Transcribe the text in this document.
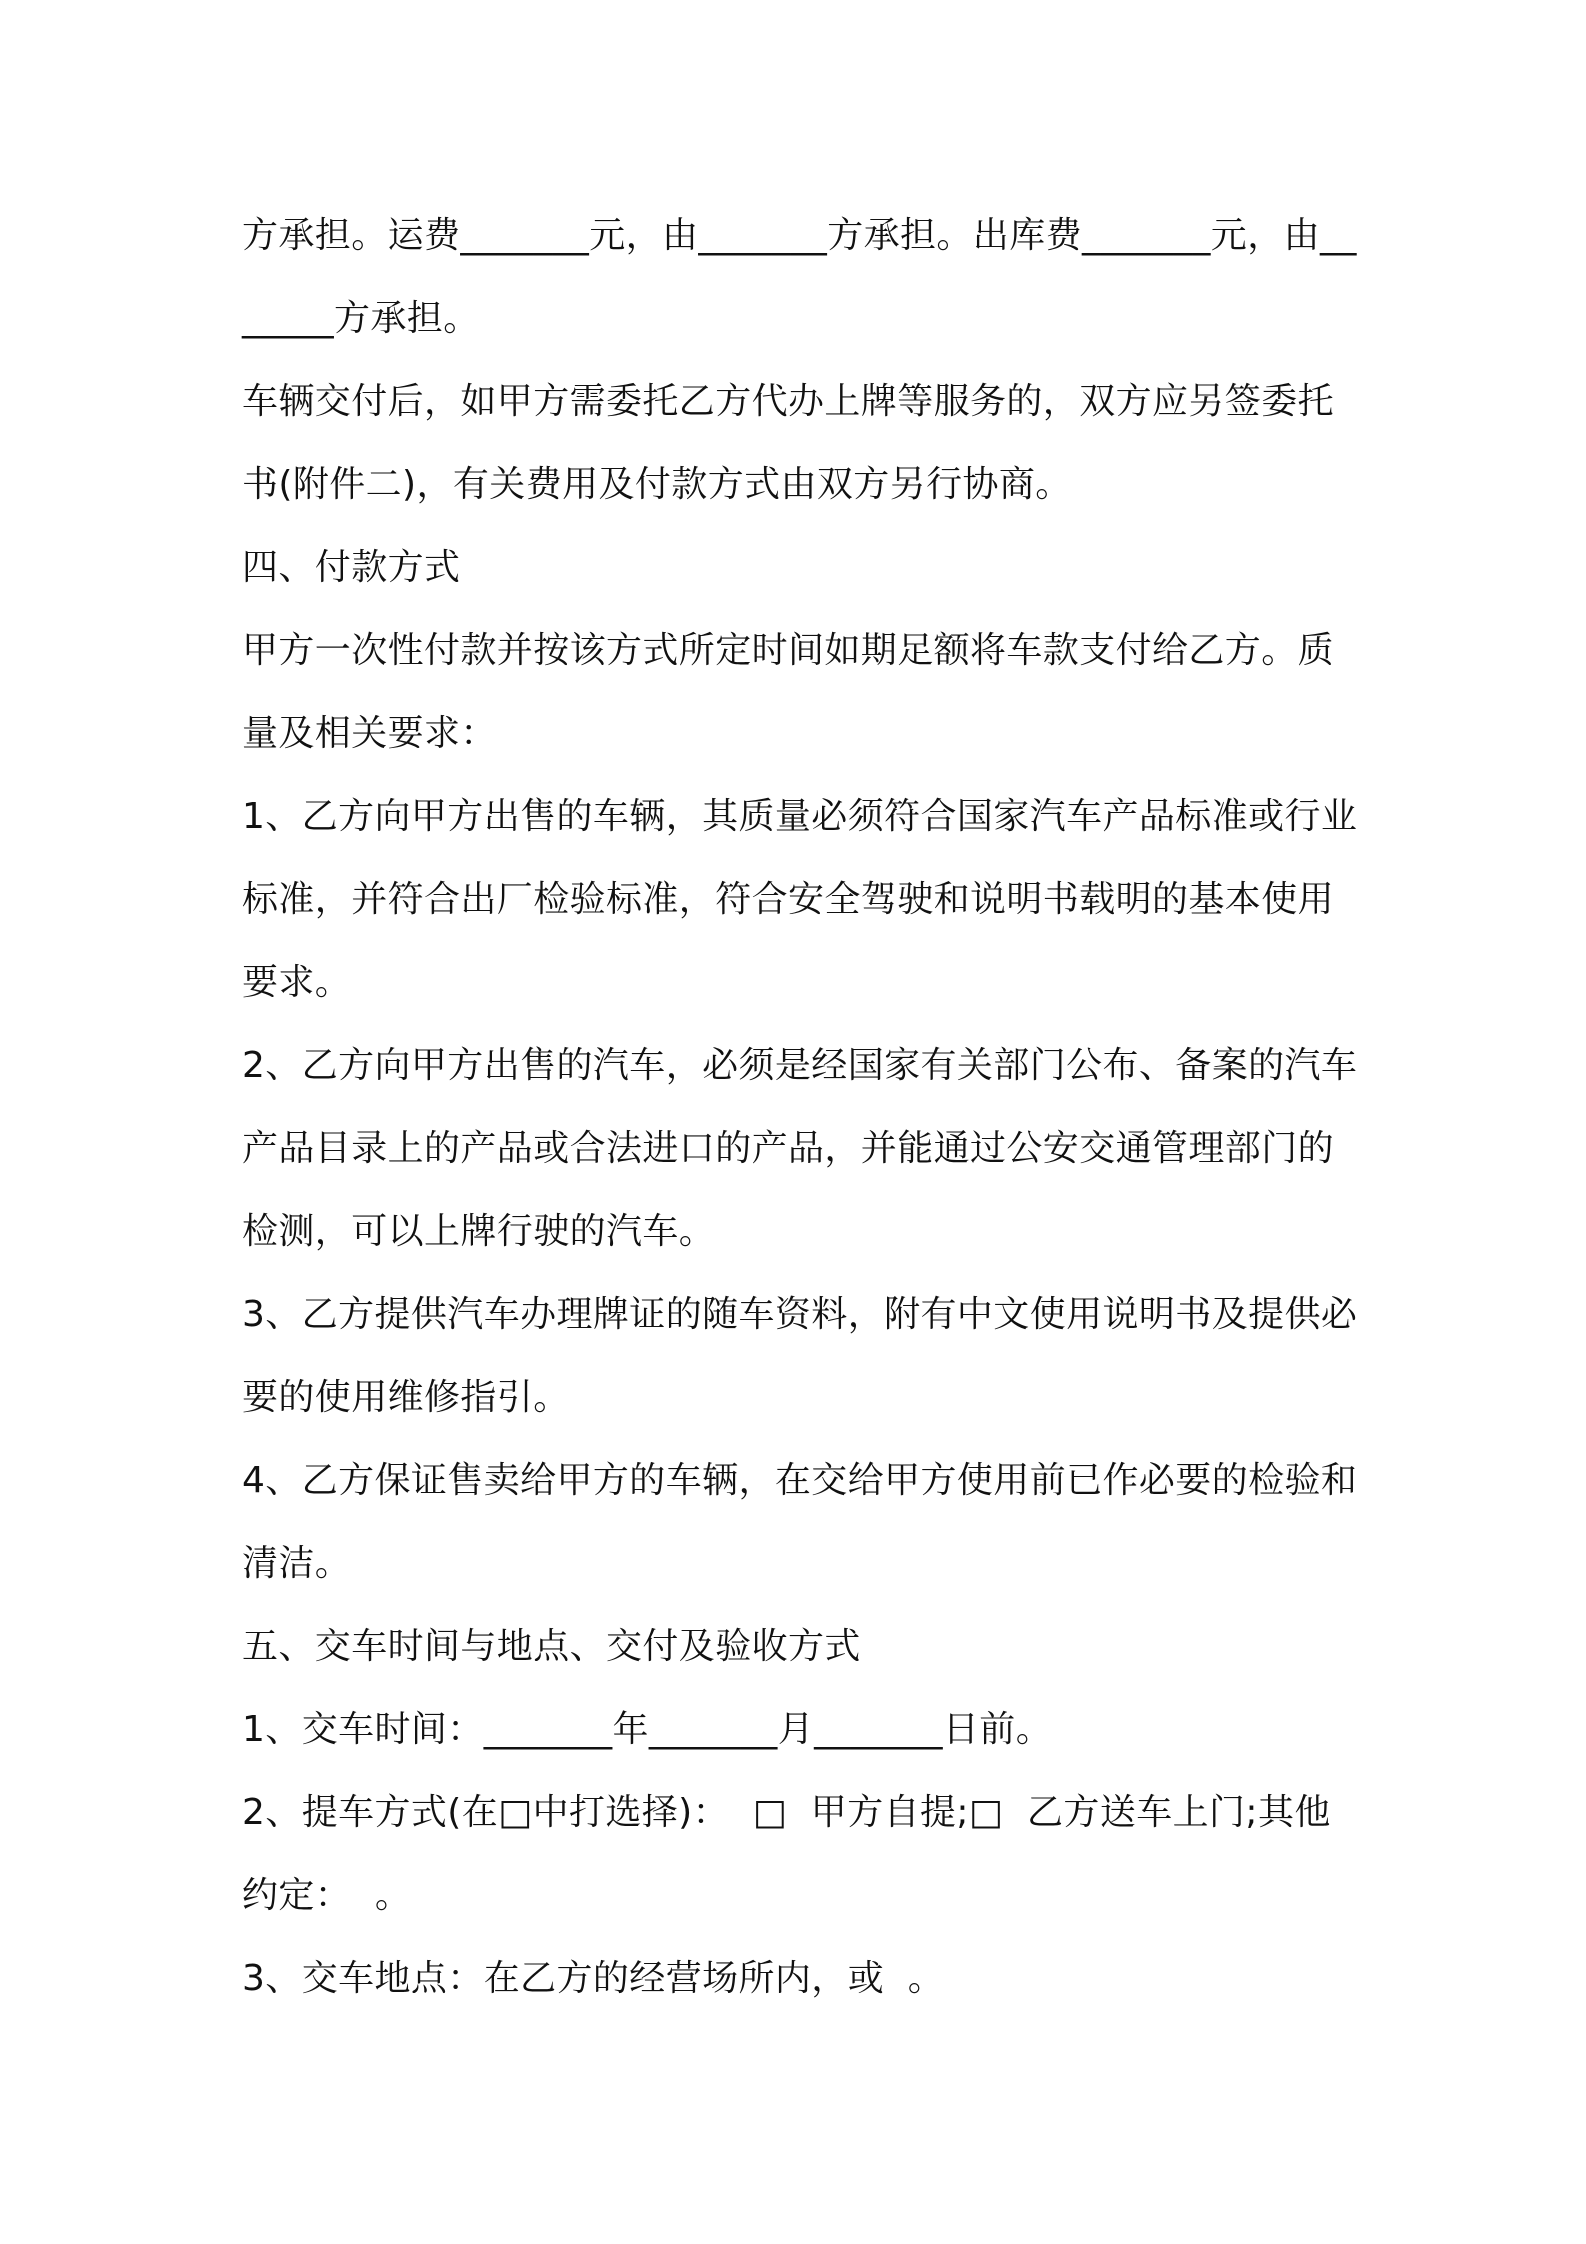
方承担。运费_______元，由_______方承担。出库费_______元，由_______方承担。

车辆交付后，如甲方需委托乙方代办上牌等服务的，双方应另签委托书(附件二)，有关费用及付款方式由双方另行协商。

四、付款方式

甲方一次性付款并按该方式所定时间如期足额将车款支付给乙方。质量及相关要求：

1、乙方向甲方出售的车辆，其质量必须符合国家汽车产品标准或行业标准，并符合出厂检验标准，符合安全驾驶和说明书载明的基本使用要求。

2、乙方向甲方出售的汽车，必须是经国家有关部门公布、备案的汽车产品目录上的产品或合法进口的产品，并能通过公安交通管理部门的检测，可以上牌行驶的汽车。

3、乙方提供汽车办理牌证的随车资料，附有中文使用说明书及提供必要的使用维修指引。

4、乙方保证售卖给甲方的车辆，在交给甲方使用前已作必要的检验和清洁。

五、交车时间与地点、交付及验收方式

1、交车时间：_______年_______月_______日前。

2、提车方式(在□中打选择)：  □  甲方自提;□  乙方送车上门;其他约定：  。

3、交车地点：在乙方的经营场所内，或  。
